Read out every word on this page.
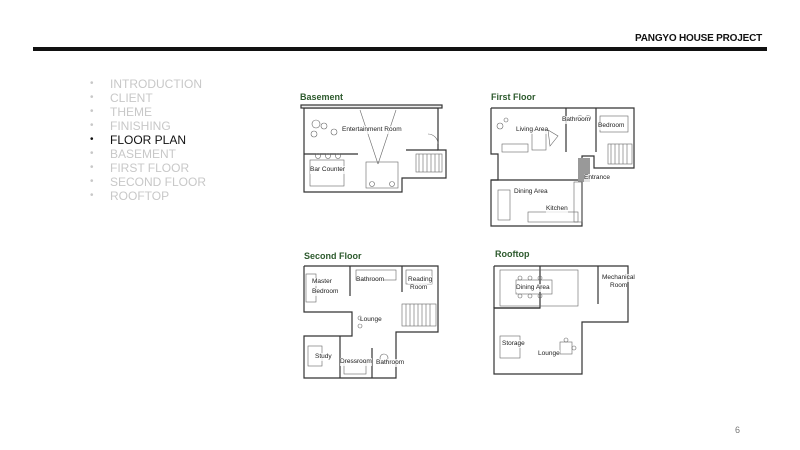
PANGYO HOUSE PROJECT
• INTRODUCTION
• CLIENT
• THEME
• FINISHING
• FLOOR PLAN
• BASEMENT
• FIRST FLOOR
• SECOND FLOOR
• ROOFTOP
Basement
Entertainment Room
Bar Counter
First Floor
Living Area
Bathroom
Bedroom
Entrance
Dining Area
Kitchen
Second Floor
Master
Bedroom
Bathroom	Reading
Room
Lounge
Study
Dressroom Bathroom
Rooftop
Dining Area
Mechanical
Room
Storage
Lounge
6
